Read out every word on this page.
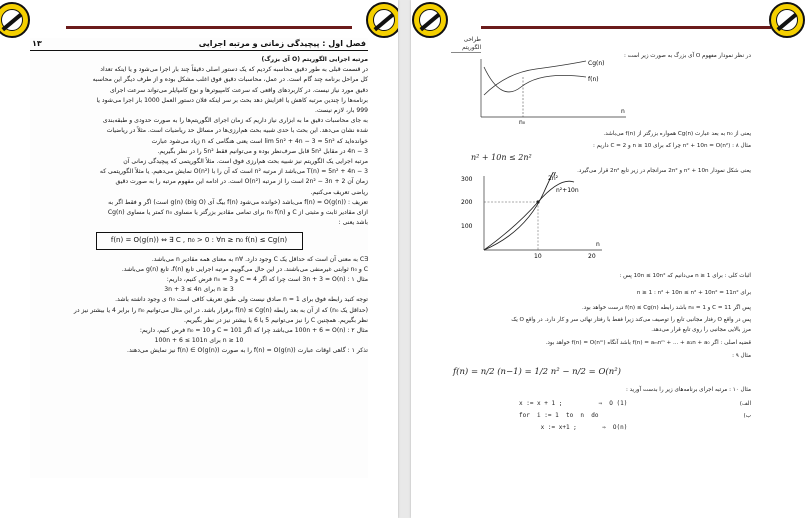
فصل اول : پیچیدگی زمانی و مرتبه اجرایی
۱۳
مرتبه اجرایی الگوریتم (O آی بزرگ)

در قسمت قبلی به طور دقیق محاسبه کردیم که یک دستور اصلی دقیقاً چند بار اجرا می‌شود و یا اینکه تعداد

کل مراحل برنامه چند گام است. در عمل، محاسبات دقیق فوق اغلب مشکل بوده و از طرف دیگر این محاسبه

دقیق مورد نیاز نیست. در کاربردهای واقعی که سرعت کامپیوترها و نوع کامپایلر می‌تواند سرعت اجرای

برنامه‌ها را چندین مرتبه کاهش یا افزایش دهد بحث بر سر اینکه فلان دستور العمل 1000 بار اجرا می‌شود یا

999 بار، لازم نیست.

به جای محاسبات دقیق ما به ابزاری نیاز داریم که زمان اجرای الگوریتم‌ها را به صورت حدودی و طبقه‌بندی

شده نشان می‌دهد. این بحث با حدی شبیه بحث هم‌ارزی‌ها در مسائل حد ریاضیات است. مثلاً در ریاضیات

خوانده‌اید که lim 5n² + 4n − 3 ≈ 5n² است یعنی هنگامی که n زیاد می‌شود عبارت

4n − 3 در مقابل 5n² قابل صرف‌نظر بوده و می‌توانیم فقط 5n² را در نظر بگیریم.

مرتبه اجرایی یک الگوریتم نیز شبیه بحث هم‌ارزی فوق است. مثلاً الگوریتمی که پیچیدگی زمانی آن

T(n) = 5n² + 4n − 3 می‌باشد از مرتبه n² است که آن را با O(n²) نمایش می‌دهیم. یا مثلاً الگوریتمی که

زمان آن 2n² − 3n + 2 است را از مرتبه O(n²) است. در ادامه این مفهوم مرتبه را به صورت دقیق

ریاضی تعریف می‌کنیم.

تعریف : f(n) = O(g(n)) می‌باشد (خوانده می‌شود f(n) بیگ آی (big O) g(n) است) اگر و فقط اگر به

ازای مقادیر ثابت و مثبتی از C و n₀ f(n) برای تمامی مقادیر بزرگتر یا مساوی n₀ کمتر یا مساوی Cg(n)

باشد یعنی :

f(n) = O(g(n)) ⇔ ∃ C , n₀ > 0 : ∀n ≥ n₀ f(n) ≤ Cg(n)

∃C به معنی آن است که حداقل یک C وجود دارد. ∀n به معنای همه مقادیر n می‌باشد.

C و n₀ ثوابتی غیرمنفی می‌باشند. در این حال می‌گوییم مرتبه اجرایی تابع f(n)، تابع g(n) می‌باشد.

مثال ۱ : 3n + 3 = O(n) است چرا که اگر C = 4 و n₀ = 3 فرض کنیم، داریم:

3n + 3 ≤ 4n برای n ≥ 3

توجه کنید رابطه فوق برای n = 1 صادق نیست ولی طبق تعریف کافی است n₀ ی وجود داشته باشد.

(حداقل یک n₀) که از آن به بعد رابطه f(n) ≤ Cg(n) برقرار باشد. در این مثال می‌توانیم n₀ را برابر 4 یا بیشتر نیز در

نظر بگیریم. همچنین C را نیز می‌توانیم 5 یا 6 یا بیشتر نیز در نظر بگیریم.

مثال ۲ : 100n + 6 = O(n) می‌باشد چرا که اگر C = 101 و n₀ = 10 فرض کنیم، داریم:

100n + 6 ≤ 101n برای n ≥ 10

تذکر ۱ : گاهی اوقات عبارت f(n) = O(g(n)) را به صورت f(n) ∈ O(g(n)) نیز نمایش می‌دهند.

طراحی الگوریتم
در نظر نمودار مفهوم O آی بزرگ به صورت زیر است :
Cg(n)
f(n)
n
n₀
یعنی از n₀ به بعد عبارت Cg(n) همواره بزرگتر از f(n) می‌باشد.
مثال ۸ : n² + 10n = O(n²) چرا که برای n ≥ 10 و C = 2 داریم :
n² + 10n ≤ 2n²
یعنی شکل نمودار n² + 10n و 2n² سرانجام در زیر تابع 2n² قرار می‌گیرد.
300
200
100
10	20
2n²
n²+10n
n
اثبات کلی : برای n ≥ 1 می‌دانیم که 10n ≤ 10n² پس :
برای n ≥ 1 : n² + 10n ≤ n² + 10n² = 11n²
پس اگر C = 11 و n₀ = 1 باشد رابطه f(n) ≤ Cg(n) درست خواهد بود.
پس در واقع O رفتار مجانبی تابع را توصیف می‌کند زیرا فقط با رفتار نهائی سر و کار دارد. در واقع O یک
مرز بالایی مجانبی را روی تابع قرار می‌دهد.
قضیه اصلی : اگر f(n) = aₘnᵐ + ... + a₁n + a₀ باشد آنگاه f(n) = O(nᵐ) خواهد بود.
مثال ۹ :
f(n) = n/2 (n−1) = 1/2 n² − n/2 = O(n²)
مثال ۱۰ : مرتبه اجرای برنامه‌های زیر را بدست آورید :
الف)
ب)
x := x + 1 ;          ⇒  O (1)
for  i := 1  to  n  do
x := x+1 ;       ⇒  O(n)
